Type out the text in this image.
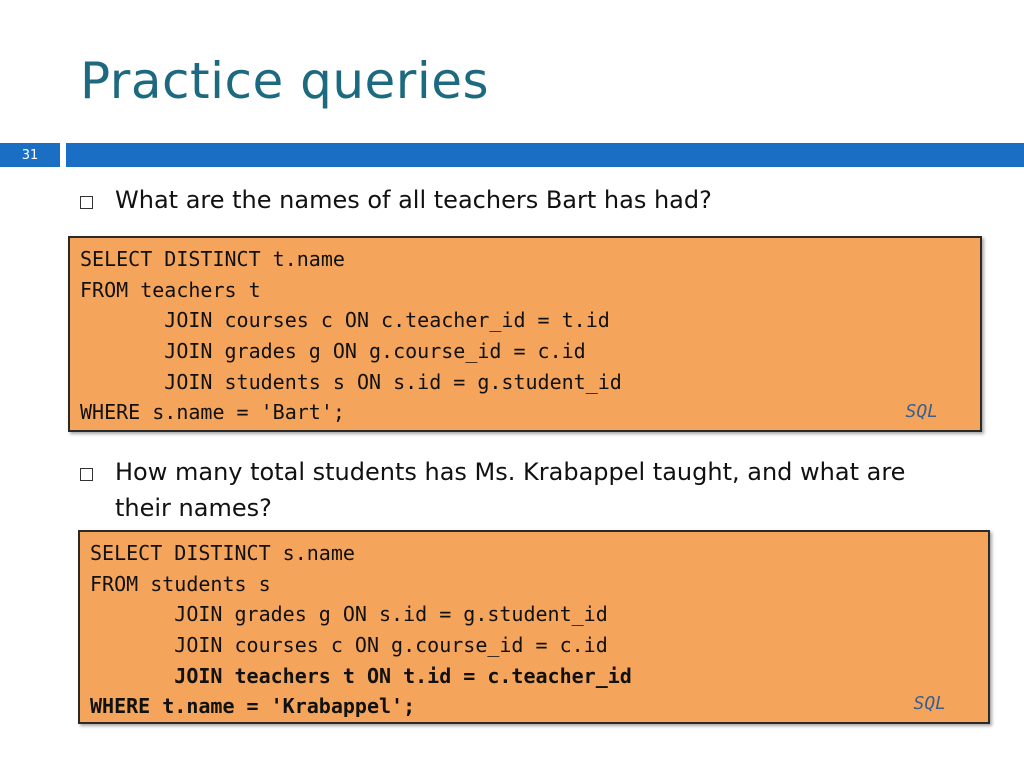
Practice queries
31
What are the names of all teachers Bart has had?
SELECT DISTINCT t.name
FROM teachers t
JOIN courses c ON c.teacher_id = t.id
JOIN grades g ON g.course_id = c.id
JOIN students s ON s.id = g.student_id
WHERE s.name = 'Bart';	SQL
How many total students has Ms. Krabappel taught, and what are their names?
SELECT DISTINCT s.name
FROM students s
JOIN grades g ON s.id = g.student_id
JOIN courses c ON g.course_id = c.id
JOIN teachers t ON t.id = c.teacher_id
WHERE t.name = 'Krabappel';	SQL
